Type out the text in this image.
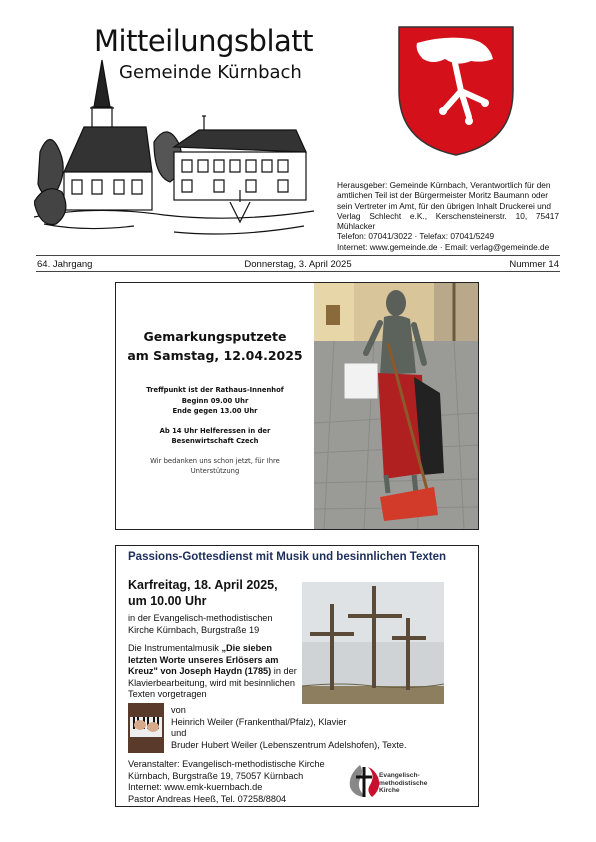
Mitteilungsblatt
Gemeinde Kürnbach
Herausgeber: Gemeinde Kürnbach, Verantwortlich für den
amtlichen Teil ist der Bürgermeister Moritz Baumann oder
sein Vertreter im Amt, für den übrigen Inhalt Druckerei und
Verlag Schlecht e.K., Kerschensteinerstr. 10, 75417 Mühlacker
Telefon: 07041/3022 · Telefax: 07041/5249
Internet: www.gemeinde.de · Email: verlag@gemeinde.de
64. Jahrgang	Donnerstag, 3. April 2025	Nummer 14
Gemarkungsputzete
am Samstag, 12.04.2025
Treffpunkt ist der Rathaus-Innenhof
Beginn 09.00 Uhr
Ende gegen 13.00 Uhr
Ab 14 Uhr Helferessen in der
Besenwirtschaft Czech
Wir bedanken uns schon jetzt, für Ihre
Unterstützung
Passions-Gottesdienst mit Musik und besinnlichen Texten
Karfreitag, 18. April 2025,
um 10.00 Uhr
in der Evangelisch-methodistischen
Kirche Kürnbach, Burgstraße 19
Die Instrumentalmusik „Die sieben letzten Worte unseres Erlösers am Kreuz" von Joseph Haydn (1785) in der Klavierbearbeitung, wird mit besinnlichen Texten vorgetragen
von
Heinrich Weiler (Frankenthal/Pfalz), Klavier
und
Bruder Hubert Weiler (Lebenszentrum Adelshofen), Texte.
Veranstalter: Evangelisch-methodistische Kirche
Kürnbach, Burgstraße 19, 75057 Kürnbach
Internet: www.emk-kuernbach.de
Pastor Andreas Heeß, Tel. 07258/8804
Evangelisch-
methodistische
Kirche
